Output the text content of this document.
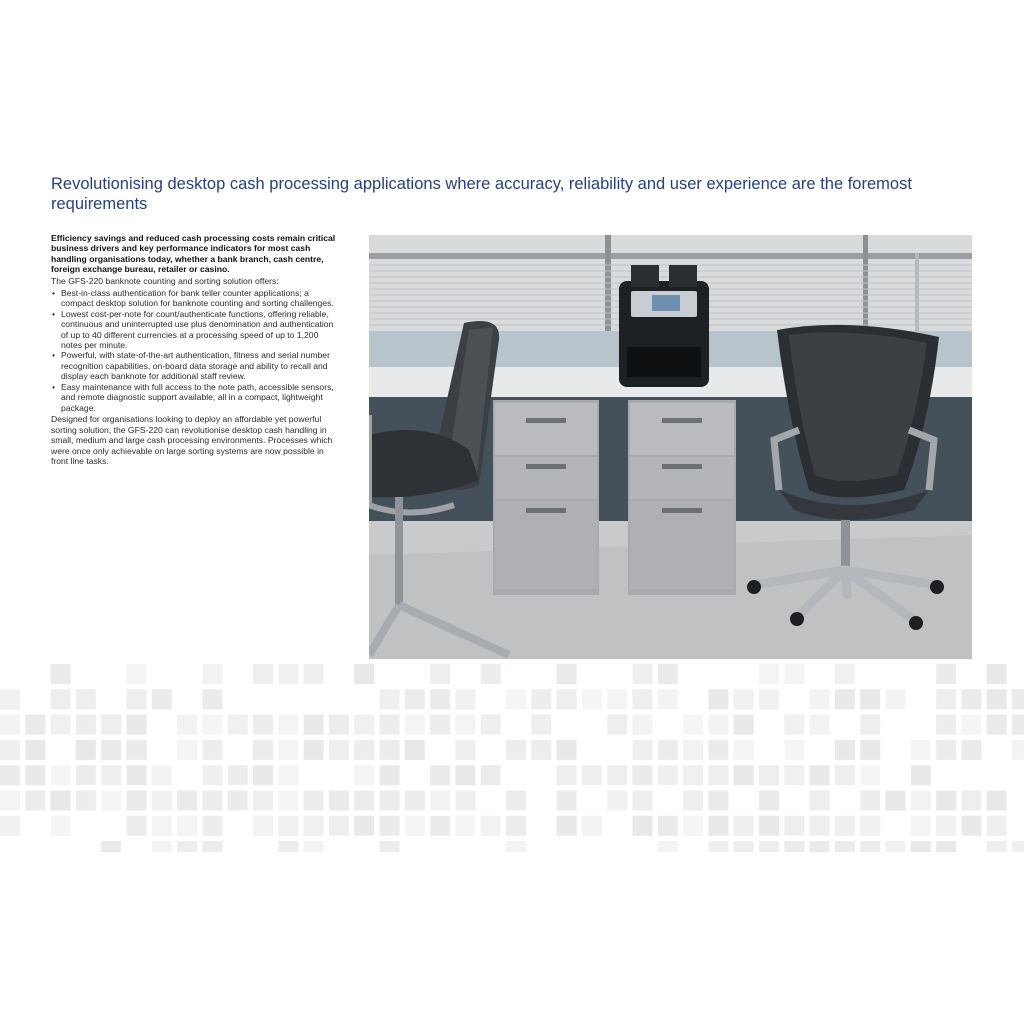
Revolutionising desktop cash processing applications where accuracy, reliability and user experience are the foremost requirements

Efficiency savings and reduced cash processing costs remain critical business drivers and key performance indicators for most cash handling organisations today, whether a bank branch, cash centre, foreign exchange bureau, retailer or casino.

The GFS-220 banknote counting and sorting solution offers:

• Best-in-class authentication for bank teller counter applications; a compact desktop solution for banknote counting and sorting challenges.
• Lowest cost-per-note for count/authenticate functions, offering reliable, continuous and uninterrupted use plus denomination and authentication of up to 40 different currencies at a processing speed of up to 1,200 notes per minute.
• Powerful, with state-of-the-art authentication, fitness and serial number recognition capabilities, on-board data storage and ability to recall and display each banknote for additional staff review.
• Easy maintenance with full access to the note path, accessible sensors, and remote diagnostic support available, all in a compact, lightweight package.

Designed for organisations looking to deploy an affordable yet powerful sorting solution, the GFS-220 can revolutionise desktop cash handling in small, medium and large cash processing environments. Processes which were once only achievable on large sorting systems are now possible in front line tasks.
